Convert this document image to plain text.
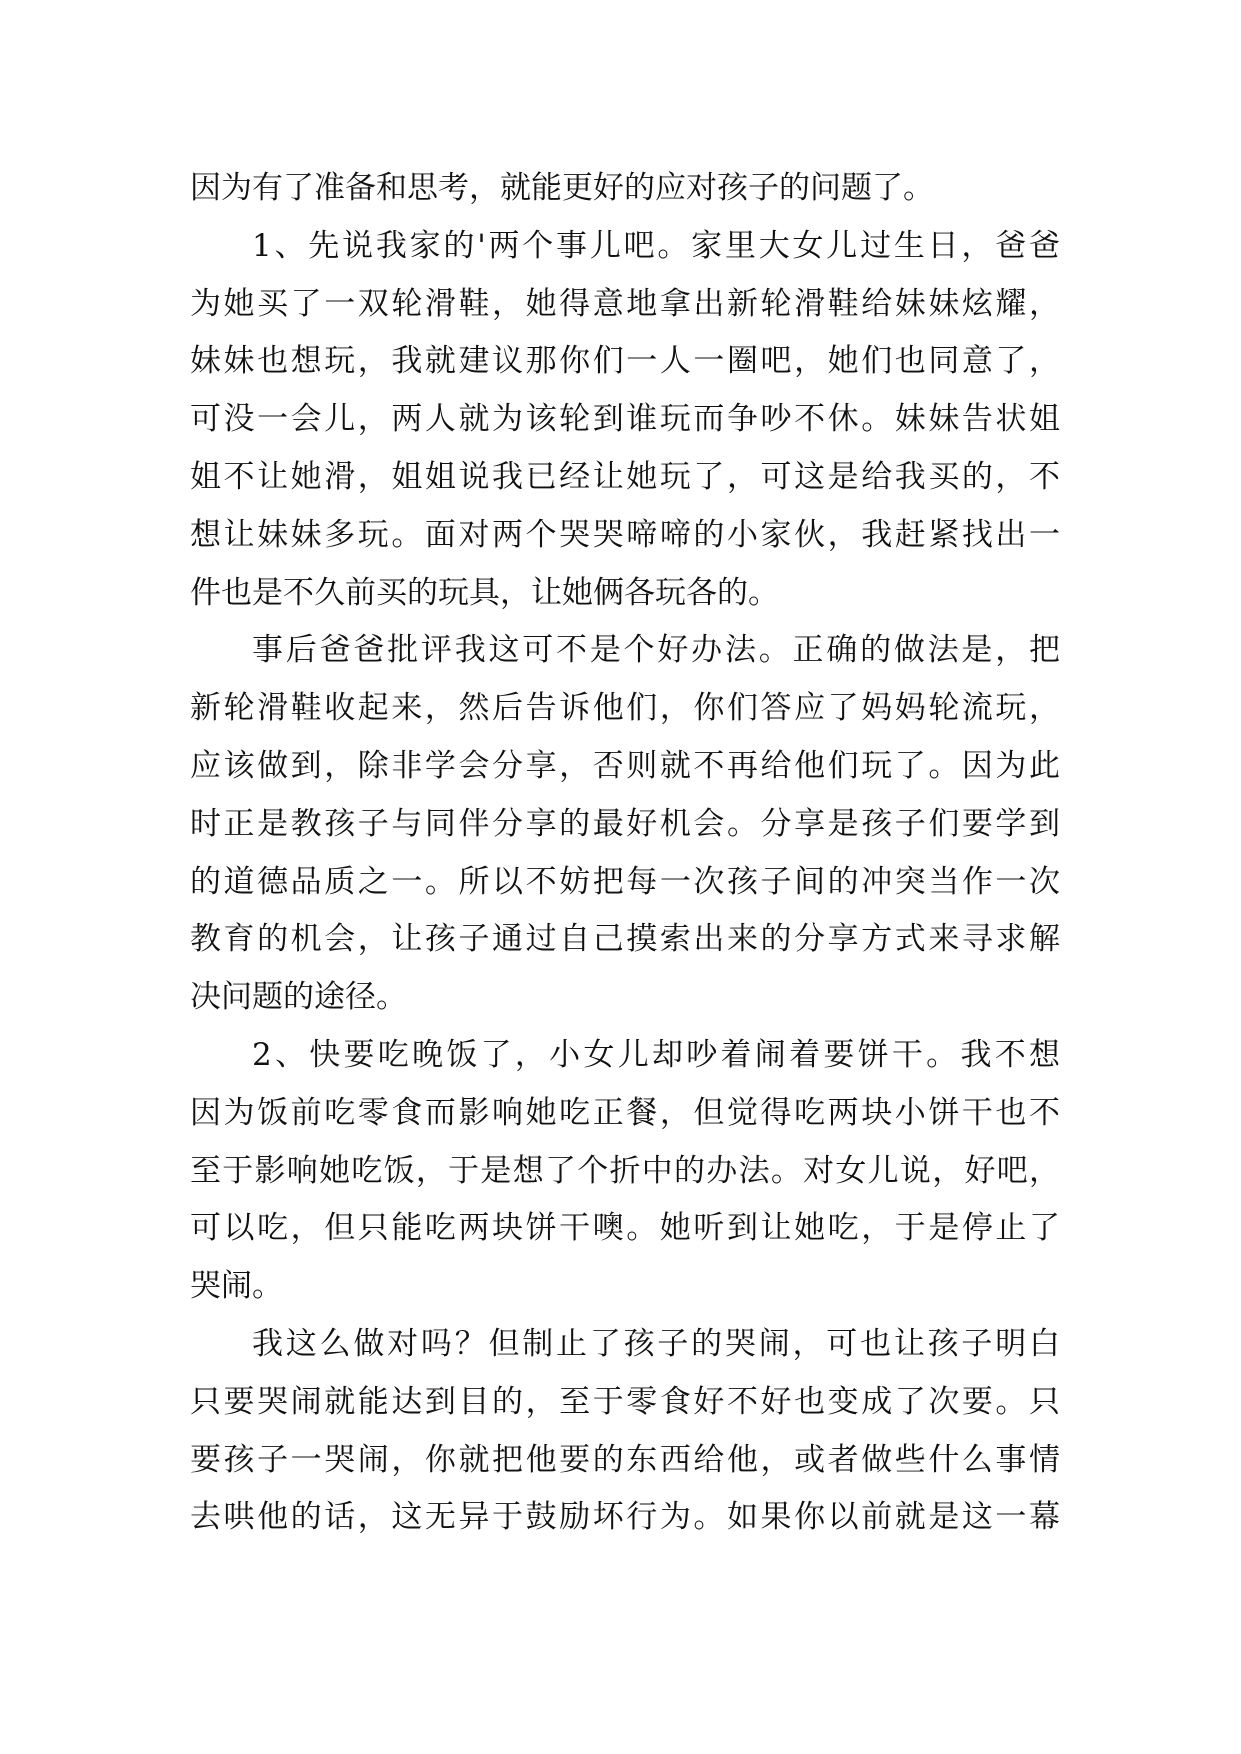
因为有了准备和思考，就能更好的应对孩子的问题了。
1、先说我家的'两个事儿吧。家里大女儿过生日，爸爸
为她买了一双轮滑鞋，她得意地拿出新轮滑鞋给妹妹炫耀，
妹妹也想玩，我就建议那你们一人一圈吧，她们也同意了，
可没一会儿，两人就为该轮到谁玩而争吵不休。妹妹告状姐
姐不让她滑，姐姐说我已经让她玩了，可这是给我买的，不
想让妹妹多玩。面对两个哭哭啼啼的小家伙，我赶紧找出一
件也是不久前买的玩具，让她俩各玩各的。
事后爸爸批评我这可不是个好办法。正确的做法是，把
新轮滑鞋收起来，然后告诉他们，你们答应了妈妈轮流玩，
应该做到，除非学会分享，否则就不再给他们玩了。因为此
时正是教孩子与同伴分享的最好机会。分享是孩子们要学到
的道德品质之一。所以不妨把每一次孩子间的冲突当作一次
教育的机会，让孩子通过自己摸索出来的分享方式来寻求解
决问题的途径。
2、快要吃晚饭了，小女儿却吵着闹着要饼干。我不想
因为饭前吃零食而影响她吃正餐，但觉得吃两块小饼干也不
至于影响她吃饭，于是想了个折中的办法。对女儿说，好吧，
可以吃，但只能吃两块饼干噢。她听到让她吃，于是停止了
哭闹。
我这么做对吗？但制止了孩子的哭闹，可也让孩子明白
只要哭闹就能达到目的，至于零食好不好也变成了次要。只
要孩子一哭闹，你就把他要的东西给他，或者做些什么事情
去哄他的话，这无异于鼓励坏行为。如果你以前就是这一幕
